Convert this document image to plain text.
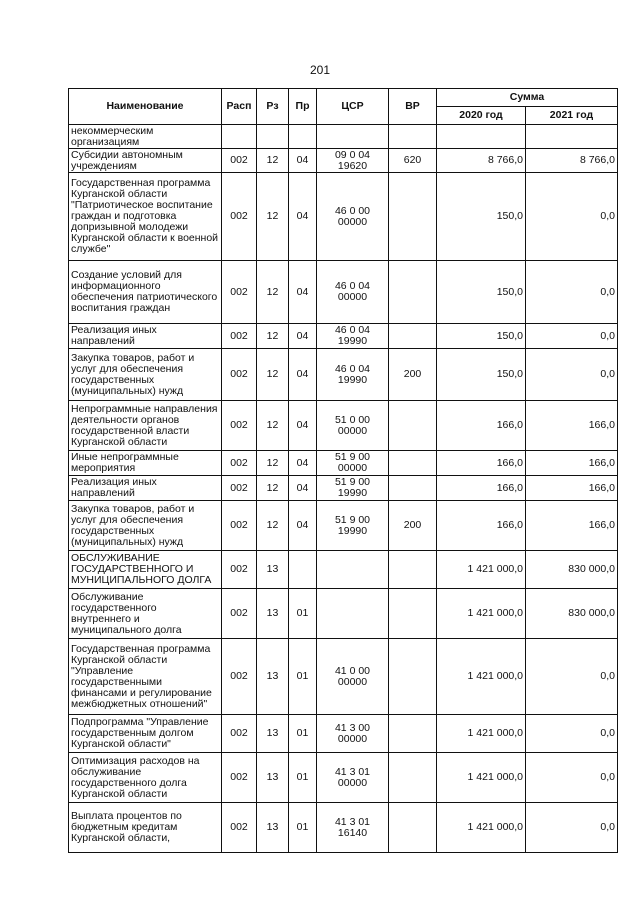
201
Наименование	Расп	Рз	Пр	ЦСР	ВР	Сумма	
						2020 год	2021 год
некоммерческим организациям							
Субсидии автономным учреждениям	002	12	04	09 0 04 19620	620	8 766,0	8 766,0
Государственная программа Курганской области "Патриотическое воспитание граждан и подготовка допризывной молодежи Курганской области к военной службе"	002	12	04	46 0 00 00000		150,0	0,0
Создание условий для информационного обеспечения патриотического воспитания граждан	002	12	04	46 0 04 00000		150,0	0,0
Реализация иных направлений	002	12	04	46 0 04 19990		150,0	0,0
Закупка товаров, работ и услуг для обеспечения государственных (муниципальных) нужд	002	12	04	46 0 04 19990	200	150,0	0,0
Непрограммные направления деятельности органов государственной власти Курганской области	002	12	04	51 0 00 00000		166,0	166,0
Иные непрограммные мероприятия	002	12	04	51 9 00 00000		166,0	166,0
Реализация иных направлений	002	12	04	51 9 00 19990		166,0	166,0
Закупка товаров, работ и услуг для обеспечения государственных (муниципальных) нужд	002	12	04	51 9 00 19990	200	166,0	166,0
ОБСЛУЖИВАНИЕ ГОСУДАРСТВЕННОГО И МУНИЦИПАЛЬНОГО ДОЛГА	002	13				1 421 000,0	830 000,0
Обслуживание государственного внутреннего и муниципального долга	002	13	01			1 421 000,0	830 000,0
Государственная программа Курганской области "Управление государственными финансами и регулирование межбюджетных отношений"	002	13	01	41 0 00 00000		1 421 000,0	0,0
Подпрограмма "Управление государственным долгом Курганской области"	002	13	01	41 3 00 00000		1 421 000,0	0,0
Оптимизация расходов на обслуживание государственного долга Курганской области	002	13	01	41 3 01 00000		1 421 000,0	0,0
Выплата процентов по бюджетным кредитам Курганской области,	002	13	01	41 3 01 16140		1 421 000,0	0,0
